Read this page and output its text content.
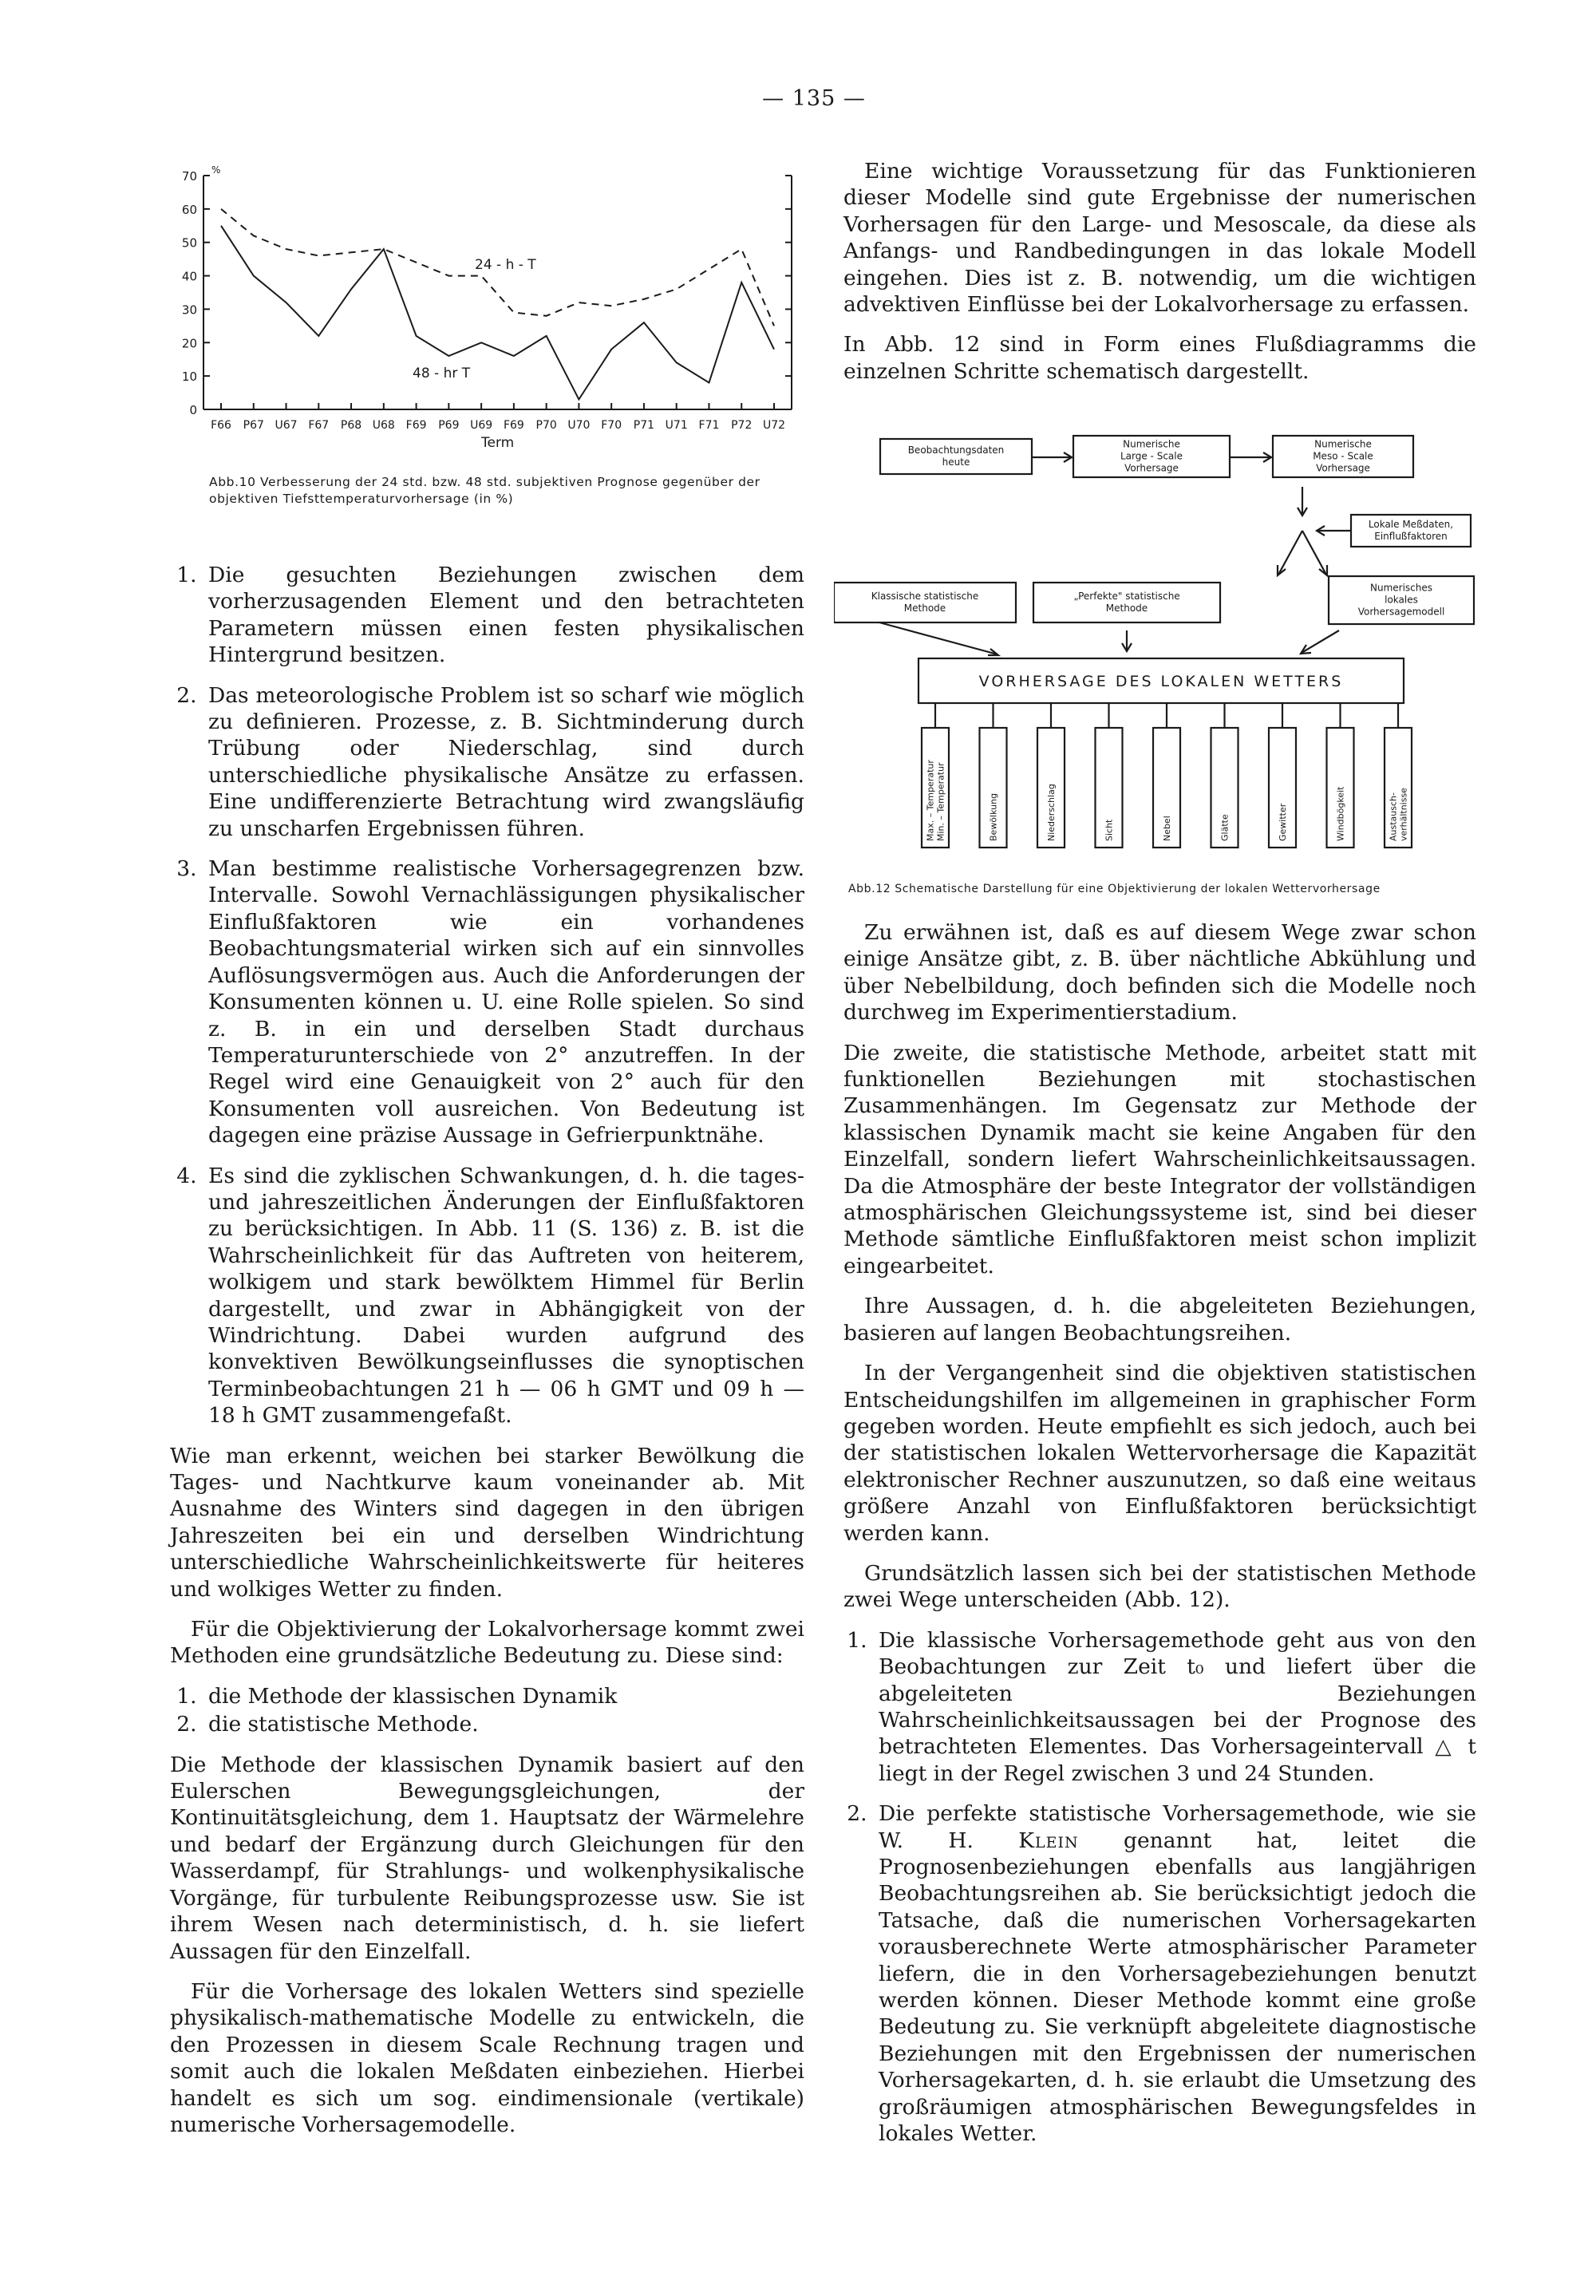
— 135 —
0
10
20
30
40
50
60
70
F66 P67 U67 F67 P68 U68 F69 P69 U69 F69 P70 U70 F70 P71 U71 F71 P72 U72
24 - h - T
48 - hr T
Term
%
Abb.10 Verbesserung der 24 std. bzw. 48 std. subjektiven Prognose gegenüber der objektiven Tiefsttemperaturvorhersage (in %)
Beobachtungsdaten
heute
Numerische
Large - Scale
Vorhersage
Numerische
Meso - Scale
Vorhersage
Lokale Meßdaten,
Einflußfaktoren
Klassische statistische
Methode
„Perfekte" statistische
Methode
Numerisches
lokales
Vorhersagemodell
VORHERSAGE DES LOKALEN WETTERS
Max. – Temperatur Min. – Temperatur	Bewölkung	Niederschlag	Sicht	Nebel	Glätte	Gewitter	Windbögkeit	Austausch- verhältnisse
Abb.12 Schematische Darstellung für eine Objektivierung der lokalen Wettervorhersage
1. Die gesuchten Beziehungen zwischen dem vorherzusagenden Element und den betrachteten Parametern müssen einen festen physikalischen Hintergrund besitzen.
2. Das meteorologische Problem ist so scharf wie möglich zu definieren. Prozesse, z. B. Sichtminderung durch Trübung oder Niederschlag, sind durch unterschiedliche physikalische Ansätze zu erfassen. Eine undifferenzierte Betrachtung wird zwangsläufig zu unscharfen Ergebnissen führen.
3. Man bestimme realistische Vorhersagegrenzen bzw. Intervalle. Sowohl Vernachlässigungen physikalischer Einflußfaktoren wie ein vorhandenes Beobachtungsmaterial wirken sich auf ein sinnvolles Auflösungsvermögen aus. Auch die Anforderungen der Konsumenten können u. U. eine Rolle spielen. So sind z. B. in ein und derselben Stadt durchaus Temperaturunterschiede von 2° anzutreffen. In der Regel wird eine Genauigkeit von 2° auch für den Konsumenten voll ausreichen. Von Bedeutung ist dagegen eine präzise Aussage in Gefrierpunktnähe.
4. Es sind die zyklischen Schwankungen, d. h. die tages- und jahreszeitlichen Änderungen der Einflußfaktoren zu berücksichtigen. In Abb. 11 (S. 136) z. B. ist die Wahrscheinlichkeit für das Auftreten von heiterem, wolkigem und stark bewölktem Himmel für Berlin dargestellt, und zwar in Abhängigkeit von der Windrichtung. Dabei wurden aufgrund des konvektiven Bewölkungseinflusses die synoptischen Terminbeobachtungen 21 h — 06 h GMT und 09 h — 18 h GMT zusammengefaßt.

Wie man erkennt, weichen bei starker Bewölkung die Tages- und Nachtkurve kaum voneinander ab. Mit Ausnahme des Winters sind dagegen in den übrigen Jahreszeiten bei ein und derselben Windrichtung unterschiedliche Wahrscheinlichkeitswerte für heiteres und wolkiges Wetter zu finden.

Für die Objektivierung der Lokalvorhersage kommt zwei Methoden eine grundsätzliche Bedeutung zu. Diese sind:

1. die Methode der klassischen Dynamik
2. die statistische Methode.

Die Methode der klassischen Dynamik basiert auf den Eulerschen Bewegungsgleichungen, der Kontinuitätsgleichung, dem 1. Hauptsatz der Wärmelehre und bedarf der Ergänzung durch Gleichungen für den Wasserdampf, für Strahlungs- und wolkenphysikalische Vorgänge, für turbulente Reibungsprozesse usw. Sie ist ihrem Wesen nach deterministisch, d. h. sie liefert Aussagen für den Einzelfall.

Für die Vorhersage des lokalen Wetters sind spezielle physikalisch-mathematische Modelle zu entwickeln, die den Prozessen in diesem Scale Rechnung tragen und somit auch die lokalen Meßdaten einbeziehen. Hierbei handelt es sich um sog. eindimensionale (vertikale) numerische Vorhersagemodelle.

Eine wichtige Voraussetzung für das Funktionieren dieser Modelle sind gute Ergebnisse der numerischen Vorhersagen für den Large- und Mesoscale, da diese als Anfangs- und Randbedingungen in das lokale Modell eingehen. Dies ist z. B. notwendig, um die wichtigen advektiven Einflüsse bei der Lokalvorhersage zu erfassen.

In Abb. 12 sind in Form eines Flußdiagramms die einzelnen Schritte schematisch dargestellt.

Zu erwähnen ist, daß es auf diesem Wege zwar schon einige Ansätze gibt, z. B. über nächtliche Abkühlung und über Nebelbildung, doch befinden sich die Modelle noch durchweg im Experimentierstadium.

Die zweite, die statistische Methode, arbeitet statt mit funktionellen Beziehungen mit stochastischen Zusammenhängen. Im Gegensatz zur Methode der klassischen Dynamik macht sie keine Angaben für den Einzelfall, sondern liefert Wahrscheinlichkeitsaussagen. Da die Atmosphäre der beste Integrator der vollständigen atmosphärischen Gleichungssysteme ist, sind bei dieser Methode sämtliche Einflußfaktoren meist schon implizit eingearbeitet.

Ihre Aussagen, d. h. die abgeleiteten Beziehungen, basieren auf langen Beobachtungsreihen.

In der Vergangenheit sind die objektiven statistischen Entscheidungshilfen im allgemeinen in graphischer Form gegeben worden. Heute empfiehlt es sich jedoch, auch bei der statistischen lokalen Wettervorhersage die Kapazität elektronischer Rechner auszunutzen, so daß eine weitaus größere Anzahl von Einflußfaktoren berücksichtigt werden kann.

Grundsätzlich lassen sich bei der statistischen Methode zwei Wege unterscheiden (Abb. 12).

1. Die klassische Vorhersagemethode geht aus von den Beobachtungen zur Zeit t₀ und liefert über die abgeleiteten Beziehungen Wahrscheinlichkeitsaussagen bei der Prognose des betrachteten Elementes. Das Vorhersageintervall △ t liegt in der Regel zwischen 3 und 24 Stunden.
2. Die perfekte statistische Vorhersagemethode, wie sie W. H. Klein genannt hat, leitet die Prognosenbeziehungen ebenfalls aus langjährigen Beobachtungsreihen ab. Sie berücksichtigt jedoch die Tatsache, daß die numerischen Vorhersagekarten vorausberechnete Werte atmosphärischer Parameter liefern, die in den Vorhersagebeziehungen benutzt werden können. Dieser Methode kommt eine große Bedeutung zu. Sie verknüpft abgeleitete diagnostische Beziehungen mit den Ergebnissen der numerischen Vorhersagekarten, d. h. sie erlaubt die Umsetzung des großräumigen atmosphärischen Bewegungsfeldes in lokales Wetter.
